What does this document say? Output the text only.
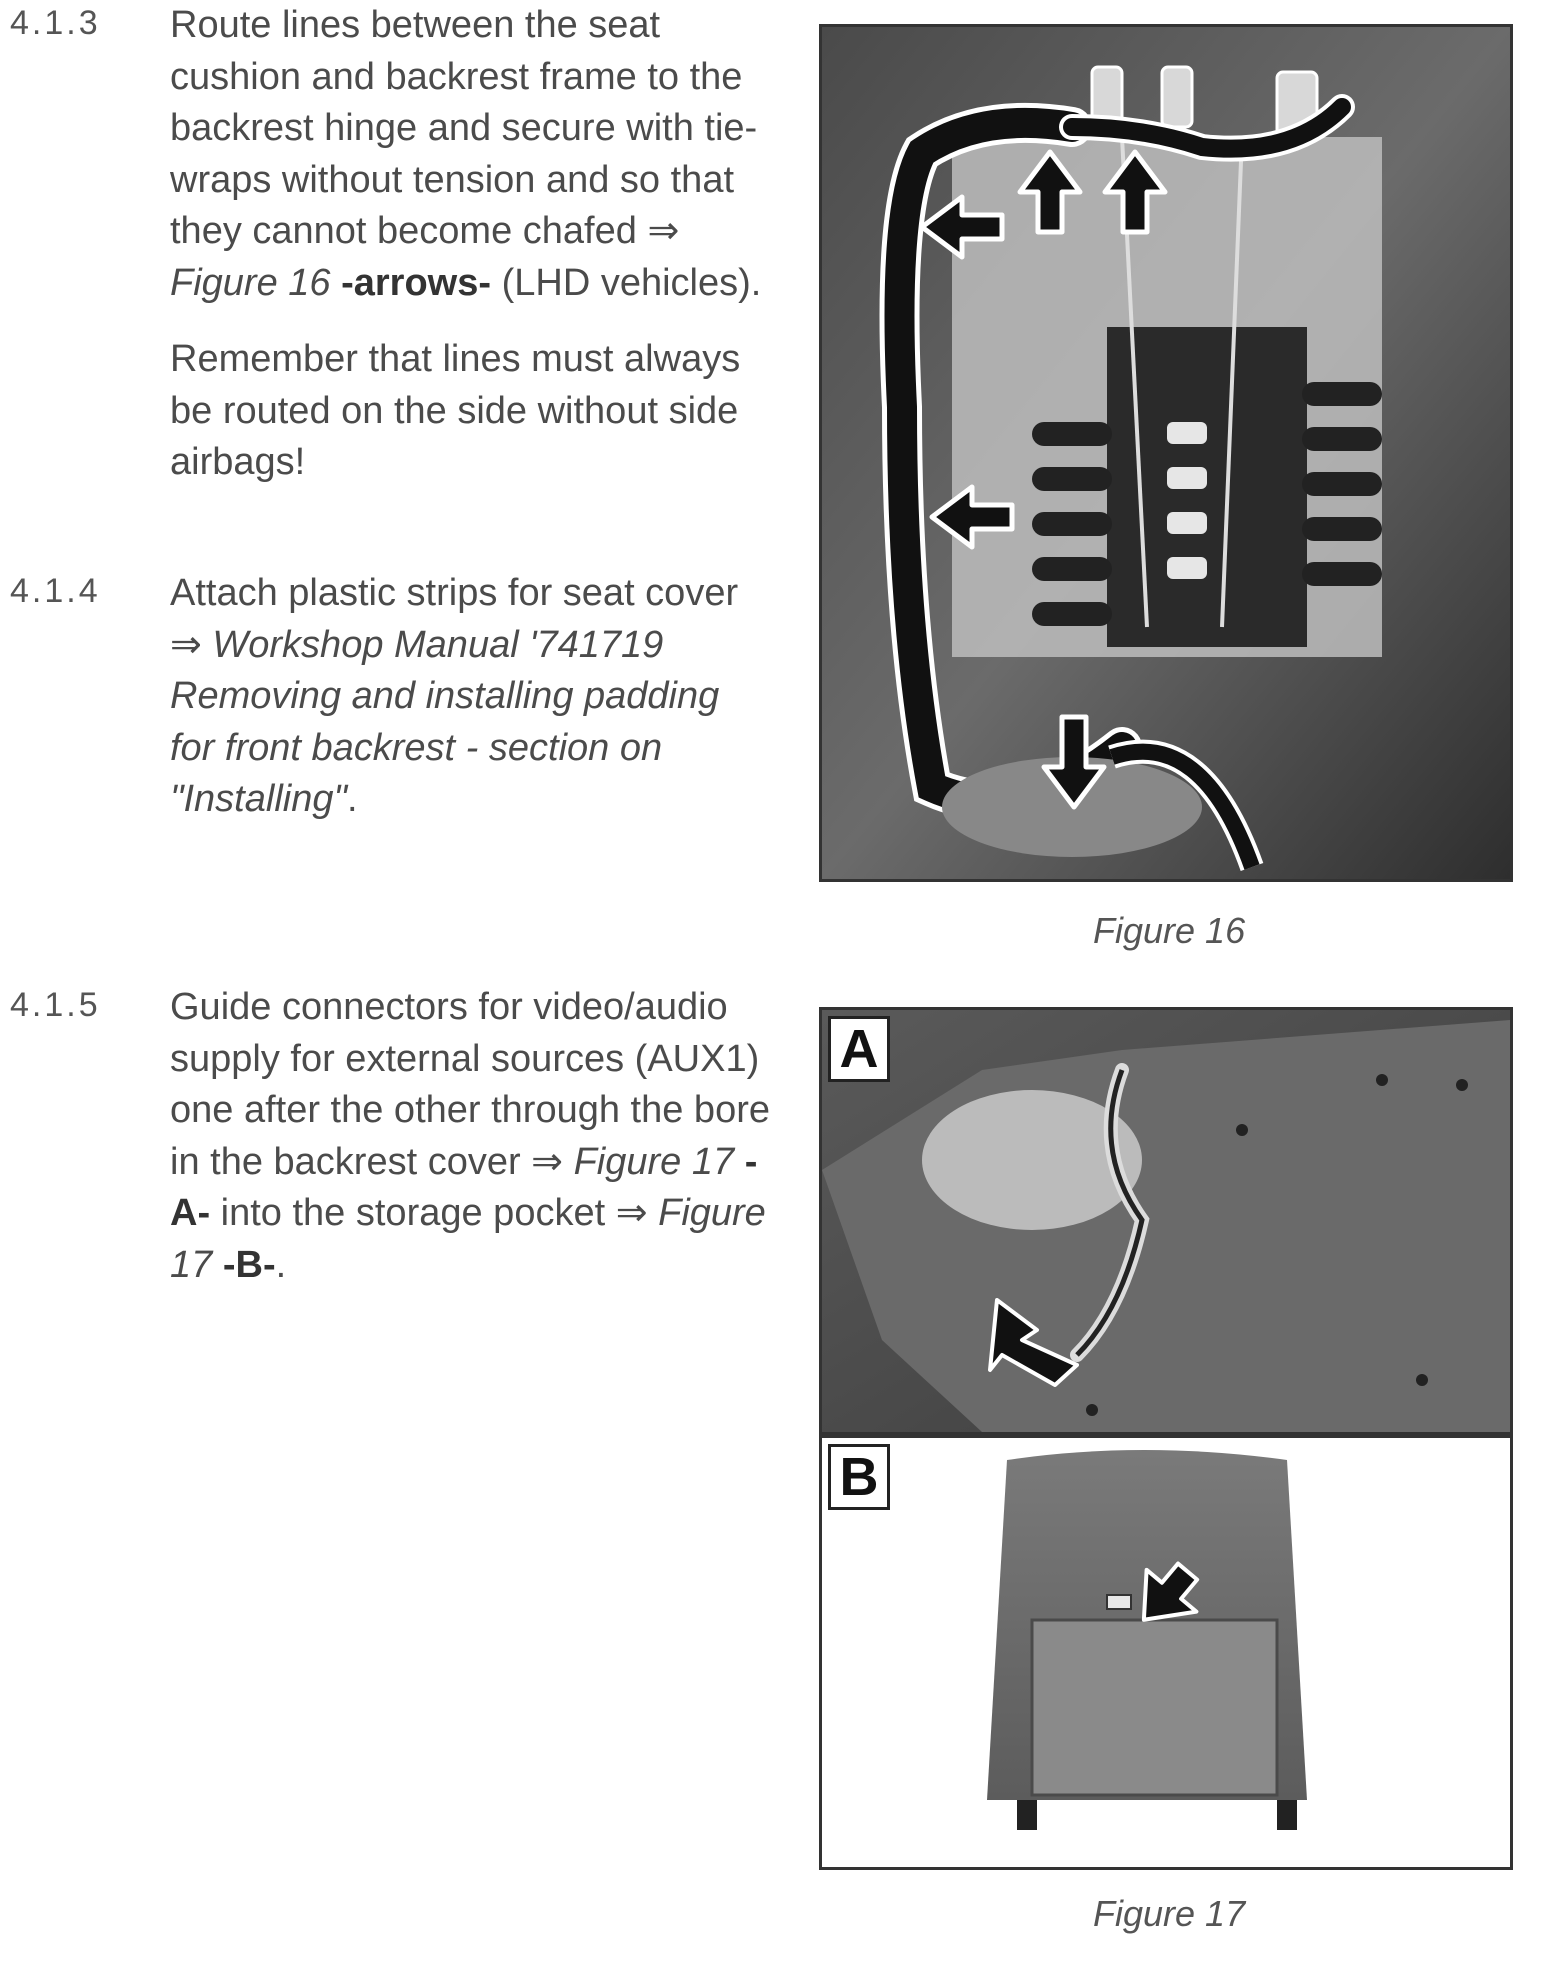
4.1.3 Route lines between the seat cushion and backrest frame to the backrest hinge and secure with tie-wraps without tension and so that they cannot become chafed ⇒ Figure 16 -arrows- (LHD vehicles).

Remember that lines must always be routed on the side without side airbags!

4.1.4 Attach plastic strips for seat cover ⇒ Workshop Manual '741719 Removing and installing padding for front backrest - section on "Installing".

4.1.5 Guide connectors for video/audio supply for external sources (AUX1) one after the other through the bore in the backrest cover ⇒ Figure 17 -A- into the storage pocket ⇒ Figure 17 -B-.

Figure 16
A
B
Figure 17
